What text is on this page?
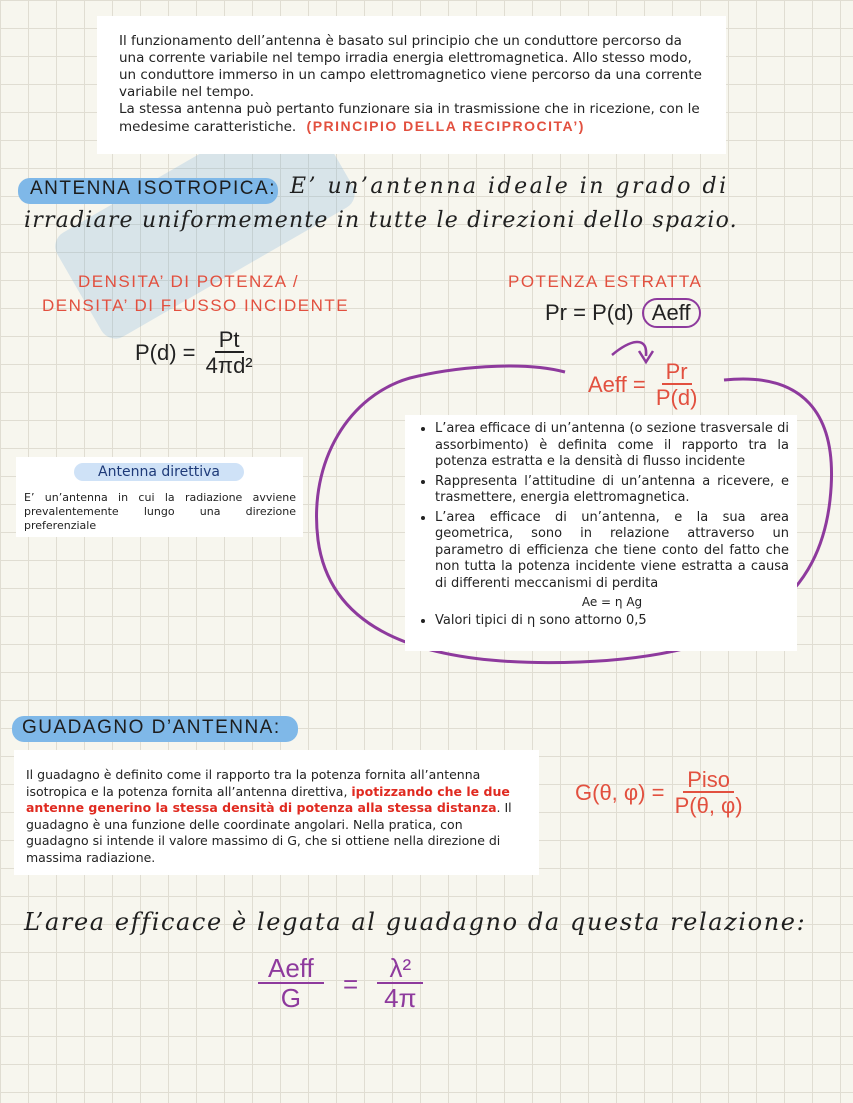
Il funzionamento dell’antenna è basato sul principio che un conduttore percorso da una corrente variabile nel tempo irradia energia elettromagnetica. Allo stesso modo, un conduttore immerso in un campo elettromagnetico viene percorso da una corrente variabile nel tempo.

La stessa antenna può pertanto funzionare sia in trasmissione che in ricezione, con le medesime caratteristiche. (PRINCIPIO DELLA RECIPROCITA’)

ANTENNA ISOTROPICA: E’ un’antenna ideale in grado di
irradiare uniformemente in tutte le direzioni dello spazio.
DENSITA’ DI POTENZA /
DENSITA’ DI FLUSSO INCIDENTE
$P(d) = \frac{Pt}{\text{4πd²}}$
POTENZA ESTRATTA
Pr = P(d) Aeff
Aeff = $\frac{Pr}{P(d)}$
Antenna direttiva
E’ un’antenna in cui la radiazione avviene prevalentemente lungo una direzione preferenziale
• L’area efficace di un’antenna (o sezione trasversale di assorbimento) è definita come il rapporto tra la potenza estratta e la densità di flusso incidente
• Rappresenta l’attitudine di un’antenna a ricevere, e trasmettere, energia elettromagnetica.
• L’area efficace di un’antenna, e la sua area geometrica, sono in relazione attraverso un parametro di efficienza che tiene conto del fatto che non tutta la potenza incidente viene estratta a causa di differenti meccanismi di perdita
Ae = η Ag
• Valori tipici di η sono attorno 0,5
GUADAGNO D’ANTENNA:

Il guadagno è definito come il rapporto tra la potenza fornita all’antenna isotropica e la potenza fornita all’antenna direttiva, ipotizzando che le due antenne generino la stessa densità di potenza alla stessa distanza. Il guadagno è una funzione delle coordinate angolari. Nella pratica, con guadagno si intende il valore massimo di G, che si ottiene nella direzione di massima radiazione.

G(θ, $\varphi) = \frac{\text{Piso}}{P(\theta, \varphi)}$
L’area efficace è legata al guadagno da questa relazione:
$\frac{\text{Aeff}}{G} = \frac{\text{λ²}}{4\pi}$
